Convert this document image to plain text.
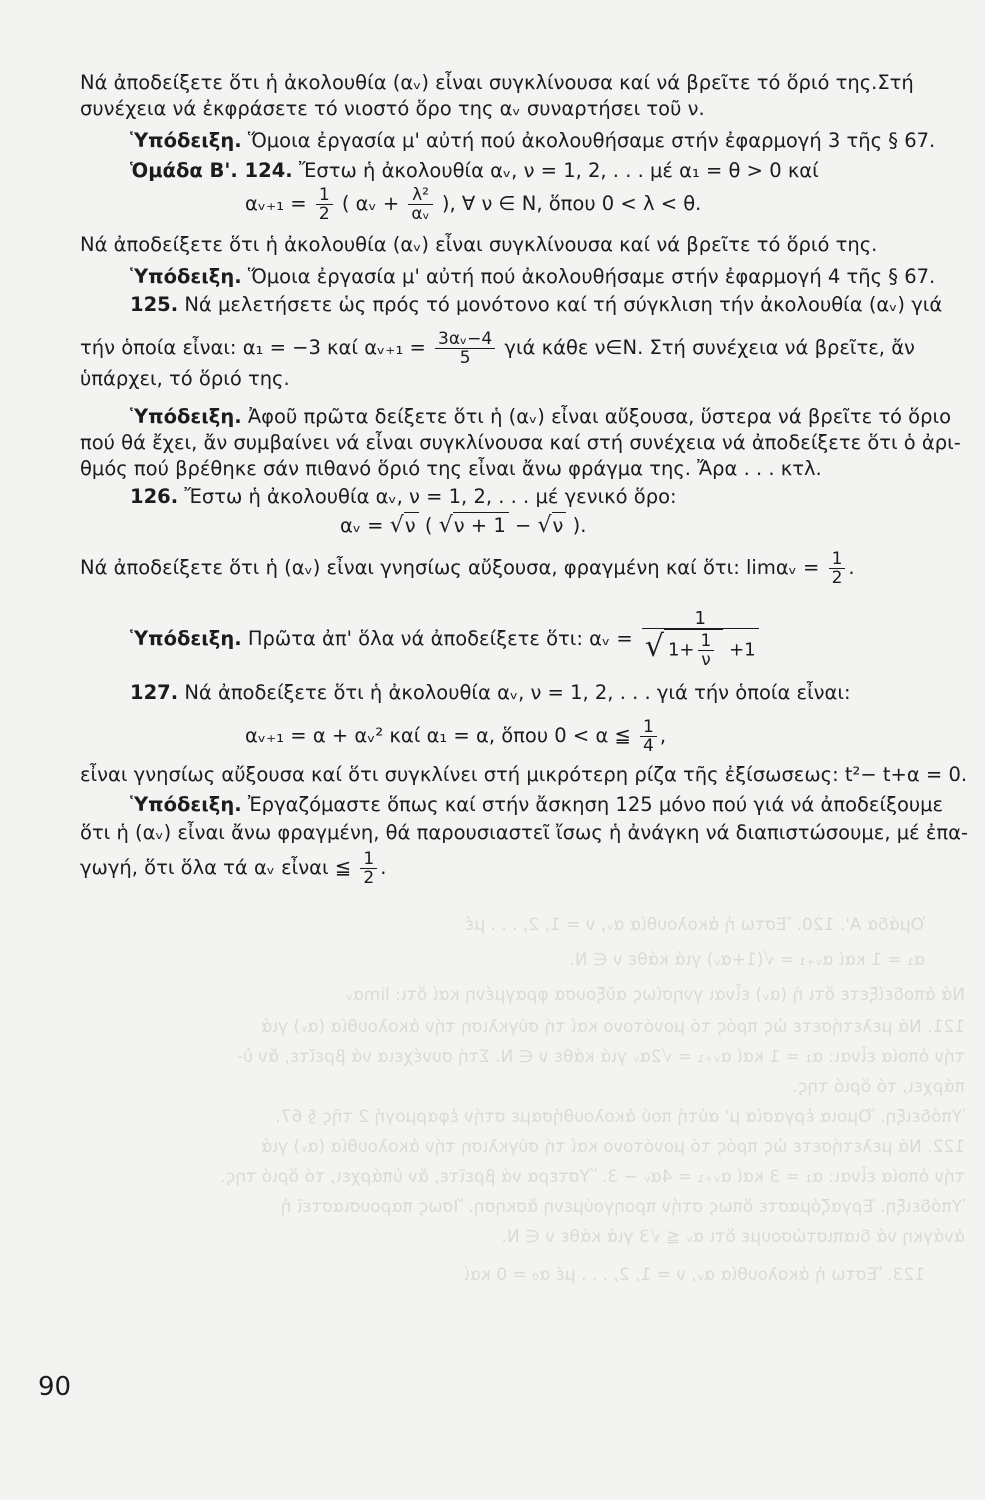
Ὁμάδα Α'. 120. Ἔστω ἡ ἀκολουθία αᵥ, ν = 1, 2, . . . μέ
α₁ = 1 καί αᵥ₊₁ = √(1+αᵥ) γιά κάθε ν ∈ N.
Νά ἀποδείξετε ὅτι ἡ (αᵥ) εἶναι γνησίως αὔξουσα φραγμένη καί ὅτι: limαᵥ
121. Νά μελετήσετε ὡς πρός τό μονότονο καί τή σύγκλιση τήν ἀκολουθία (αᵥ) γιά
τήν ὁποία εἶναι: α₁ = 1 καί αᵥ₊₁ = √2αᵥ γιά κάθε ν ∈ N. Στή συνέχεια νά βρεῖτε, ἄν ὑ-
πάρχει, τό ὅριό της.
Ὑπόδειξη. Ὅμοια ἐργασία μ' αὐτή πού ἀκολουθήσαμε στήν ἐφαρμογή 2 τῆς § 67.
122. Νά μελετήσετε ὡς πρός τό μονότονο καί τή σύγκλιση τήν ἀκολουθία (αᵥ) γιά
τήν ὁποία εἶναι: α₁ = 3 καί αᵥ₊₁ = 4αᵥ − 3. Ὕστερα νά βρεῖτε, ἄν ὑπάρχει, τό ὅριό της.
Ὑπόδειξη. Ἐργαζόμαστε ὅπως στήν προηγούμενη ἄσκηση. Ἴσως παρουσιαστεῖ ἡ
ἀνάγκη νά διαπιστώσουμε ὅτι αᵥ ≦ √3 γιά κάθε ν ∈ N.
123. Ἔστω ἡ ἀκολουθία αᵥ, ν = 1, 2, . . . μέ α₀ = 0 καί
Νά ἀποδείξετε ὅτι ἡ ἀκολουθία (αᵥ) εἶναι συγκλίνουσα καί νά βρεῖτε τό ὅριό της.Στή
συνέχεια νά ἐκφράσετε τό νιοστό ὅρο της αᵥ συναρτήσει τοῦ ν.
Ὑπόδειξη. Ὅμοια ἐργασία μ' αὐτή πού ἀκολουθήσαμε στήν ἐφαρμογή 3 τῆς § 67.
Ὁμάδα Β'. 124. Ἔστω ἡ ἀκολουθία αᵥ, ν = 1, 2, . . . μέ α₁ = θ > 0 καί
αᵥ₊₁ = $\frac{1}{2}$ ( αᵥ + $\frac{\text{λ²}}{\text{αᵥ}}$ ), ∀ ν ∈ N, ὅπου 0 < λ < θ.
Νά ἀποδείξετε ὅτι ἡ ἀκολουθία (αᵥ) εἶναι συγκλίνουσα καί νά βρεῖτε τό ὅριό της.
Ὑπόδειξη. Ὅμοια ἐργασία μ' αὐτή πού ἀκολουθήσαμε στήν ἐφαρμογή 4 τῆς § 67.
125. Νά μελετήσετε ὡς πρός τό μονότονο καί τή σύγκλιση τήν ἀκολουθία (αᵥ) γιά
τήν ὁποία εἶναι: α₁ = −3 καί αᵥ₊₁ = $\frac{\text{3αᵥ−4}}{5}$ γιά κάθε ν∈N. Στή συνέχεια νά βρεῖτε, ἄν
ὑπάρχει, τό ὅριό της.
Ὑπόδειξη. Ἀφοῦ πρῶτα δείξετε ὅτι ἡ (αᵥ) εἶναι αὔξουσα, ὕστερα νά βρεῖτε τό ὅριο
πού θά ἔχει, ἄν συμβαίνει νά εἶναι συγκλίνουσα καί στή συνέχεια νά ἀποδείξετε ὅτι ὁ ἀρι-
θμός πού βρέθηκε σάν πιθανό ὅριό της εἶναι ἄνω φράγμα της. Ἄρα . . . κτλ.
126. Ἔστω ἡ ἀκολουθία αᵥ, ν = 1, 2, . . . μέ γενικό ὅρο:
αᵥ = √ν ( √ν + 1 − √ν ).
Νά ἀποδείξετε ὅτι ἡ (αᵥ) εἶναι γνησίως αὔξουσα, φραγμένη καί ὅτι: limαᵥ = $\frac{1}{2}$ .
Ὑπόδειξη. Πρῶτα ἀπ' ὅλα νά ἀποδείξετε ὅτι: αᵥ = $\frac{1}{√ 1+ \frac{1}{\nu} +1}$
127. Νά ἀποδείξετε ὅτι ἡ ἀκολουθία αᵥ, ν = 1, 2, . . . γιά τήν ὁποία εἶναι:
αᵥ₊₁ = α + αᵥ² καί α₁ = α, ὅπου 0 < α ≦ $\frac{1}{4}$ ,
εἶναι γνησίως αὔξουσα καί ὅτι συγκλίνει στή μικρότερη ρίζα τῆς ἐξίσωσεως: t²− t+α = 0.
Ὑπόδειξη. Ἐργαζόμαστε ὅπως καί στήν ἄσκηση 125 μόνο πού γιά νά ἀποδείξουμε
ὅτι ἡ (αᵥ) εἶναι ἄνω φραγμένη, θά παρουσιαστεῖ ἴσως ἡ ἀνάγκη νά διαπιστώσουμε, μέ ἐπα-
γωγή, ὅτι ὅλα τά αᵥ εἶναι ≦ $\frac{1}{2}$ .
90
